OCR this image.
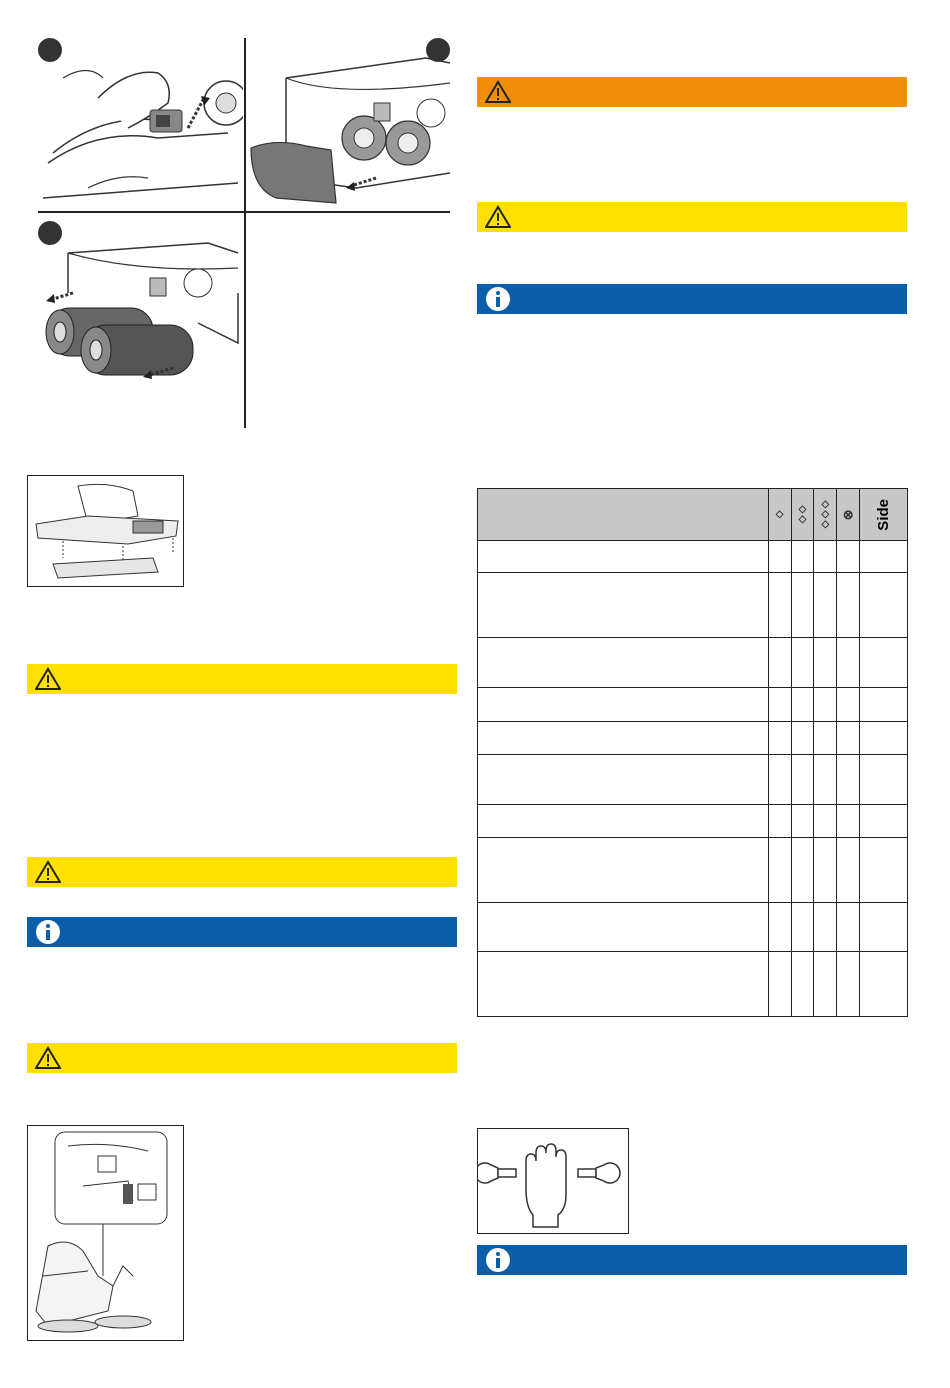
	◇	◇◇	◇◇◇	⊗	Side
